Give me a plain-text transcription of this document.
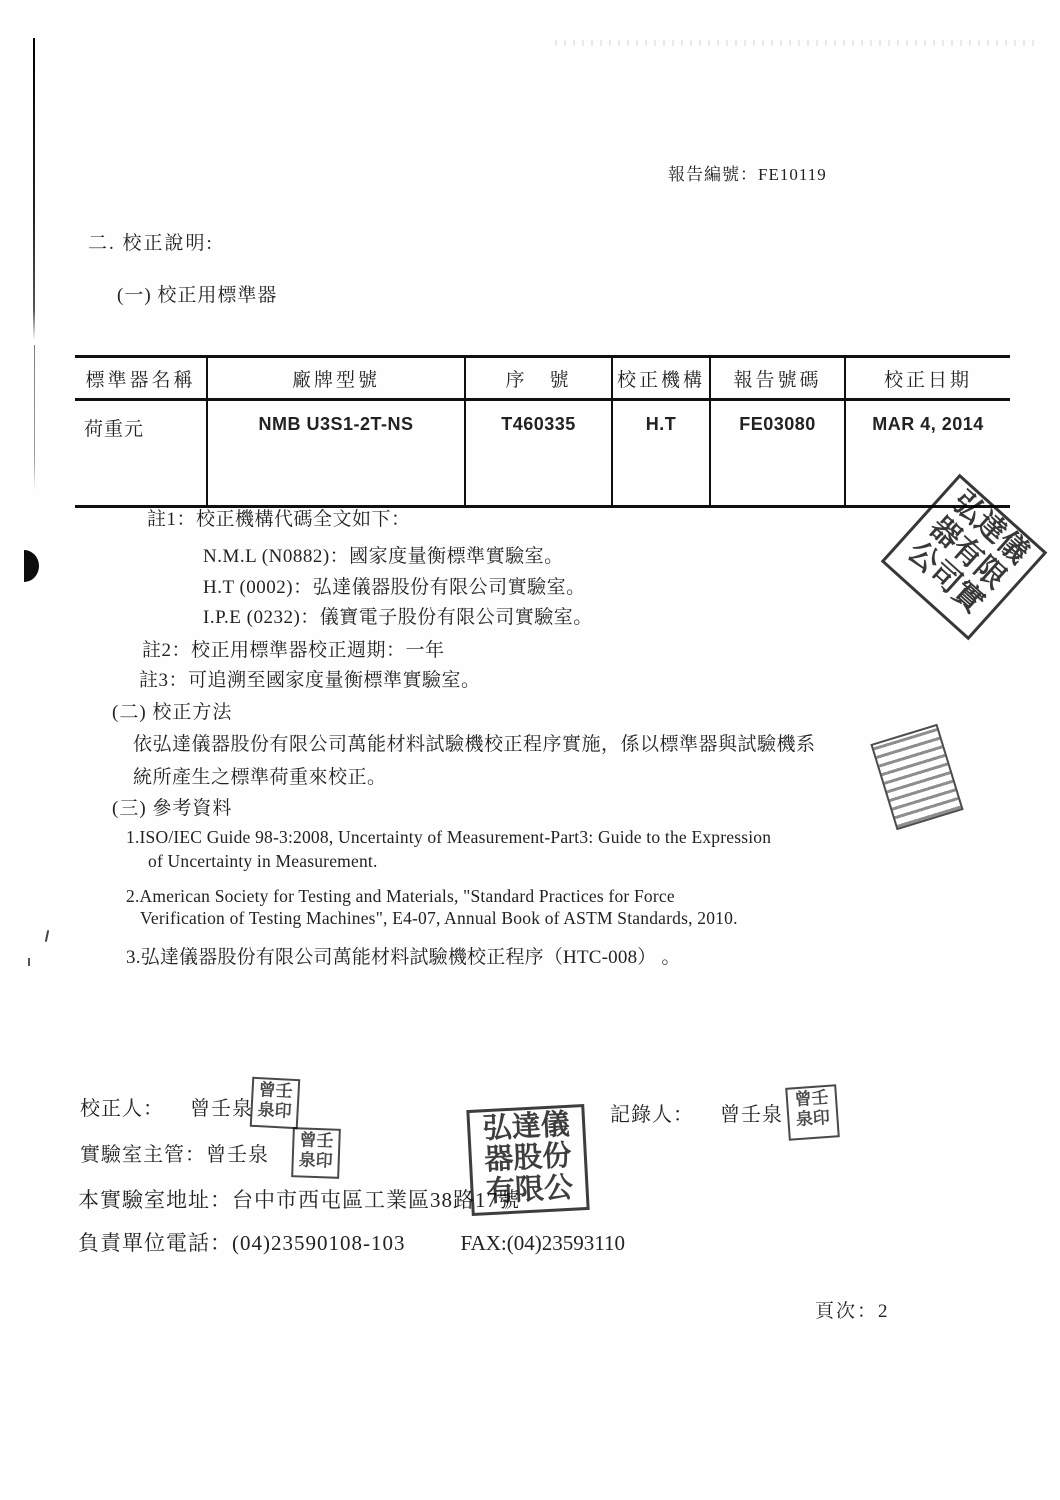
報告編號：FE10119
二. 校正說明:
(一) 校正用標準器
標準器名稱	廠牌型號	序　號	校正機構	報告號碼	校正日期
荷重元	NMB U3S1-2T-NS	T460335	H.T	FE03080	MAR 4, 2014
註1：校正機構代碼全文如下：
N.M.L (N0882)：國家度量衡標準實驗室。
H.T (0002)：弘達儀器股份有限公司實驗室。
I.P.E (0232)：儀寶電子股份有限公司實驗室。
註2：校正用標準器校正週期：一年
註3：可追溯至國家度量衡標準實驗室。
(二) 校正方法
依弘達儀器股份有限公司萬能材料試驗機校正程序實施，係以標準器與試驗機系
統所產生之標準荷重來校正。
(三) 參考資料
1.ISO/IEC Guide 98-3:2008, Uncertainty of Measurement-Part3: Guide to the Expression
of Uncertainty in Measurement.
2.American Society for Testing and Materials, "Standard Practices for Force
Verification of Testing Machines", E4-07, Annual Book of ASTM Standards, 2010.
3.弘達儀器股份有限公司萬能材料試驗機校正程序（HTC-008） 。
校正人： 曾壬泉	記錄人： 曾壬泉
實驗室主管：曾壬泉
本實驗室地址：台中市西屯區工業區38路17號
負責單位電話：(04)23590108-103	FAX:(04)23593110
頁次：2
弘達儀器有限公司實
弘達儀器股份有限公
曾壬泉印
曾壬泉印
曾壬泉印
